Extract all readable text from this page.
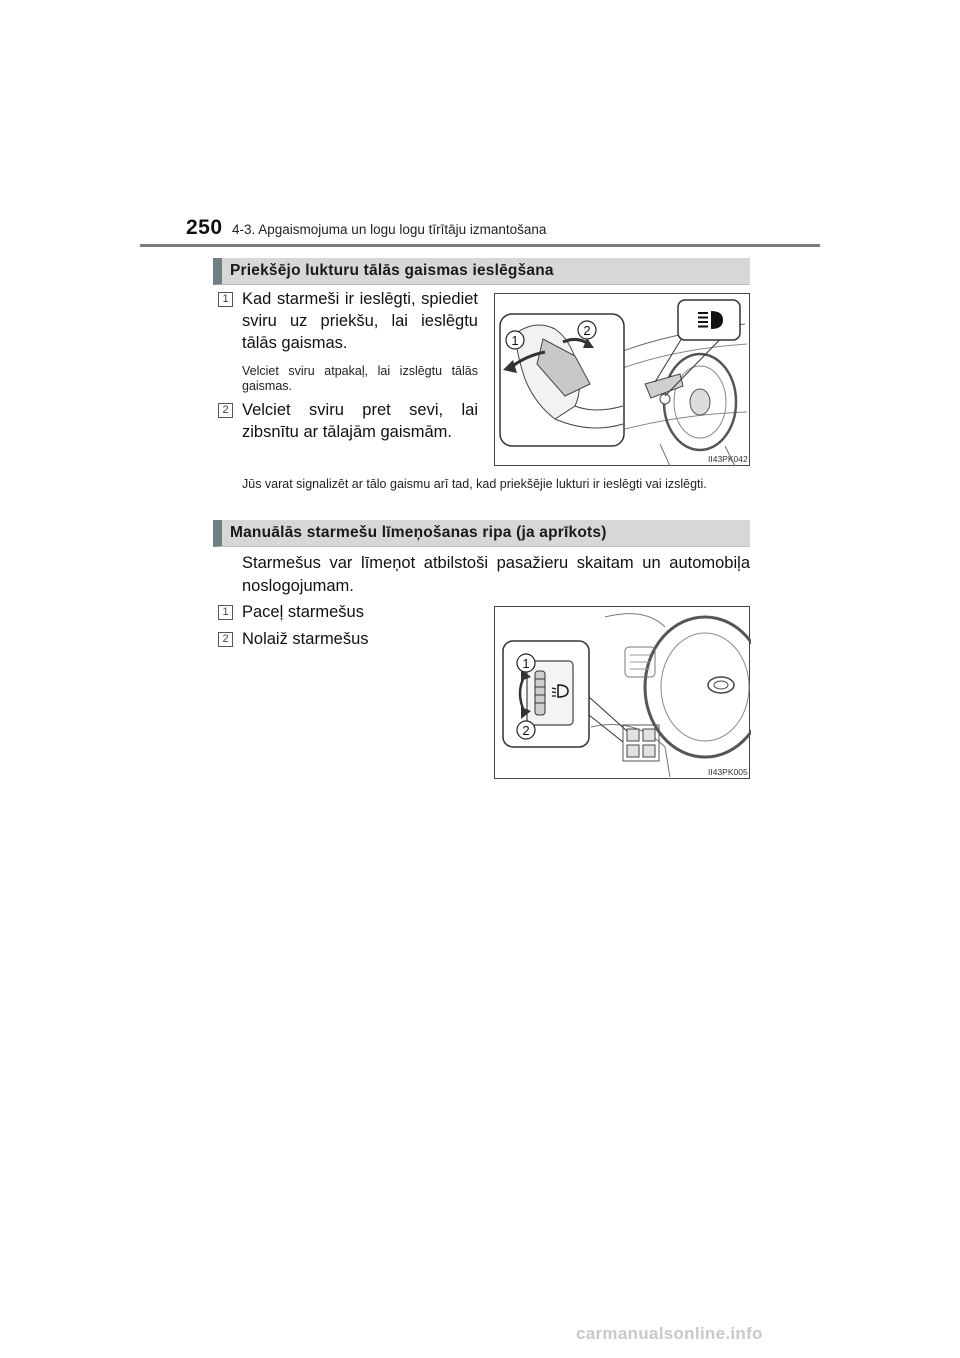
250 4-3. Apgaismojuma un logu logu tīrītāju izmantošana
Priekšējo lukturu tālās gaismas ieslēgšana
1 Kad starmeši ir ieslēgti, spiediet sviru uz priekšu, lai ieslēgtu tālās gaismas.
Velciet sviru atpakaļ, lai izslēgtu tālās gaismas.
2 Velciet sviru pret sevi, lai zibsnītu ar tālajām gaismām.
1
2
II43PK042
Jūs varat signalizēt ar tālo gaismu arī tad, kad priekšējie lukturi ir ieslēgti vai izslēgti.
Manuālās starmešu līmeņošanas ripa (ja aprīkots)
Starmešus var līmeņot atbilstoši pasažieru skaitam un automobiļa noslogojumam.
1 Paceļ starmešus
2 Nolaiž starmešus
1
2
II43PK005
carmanualsonline.info
